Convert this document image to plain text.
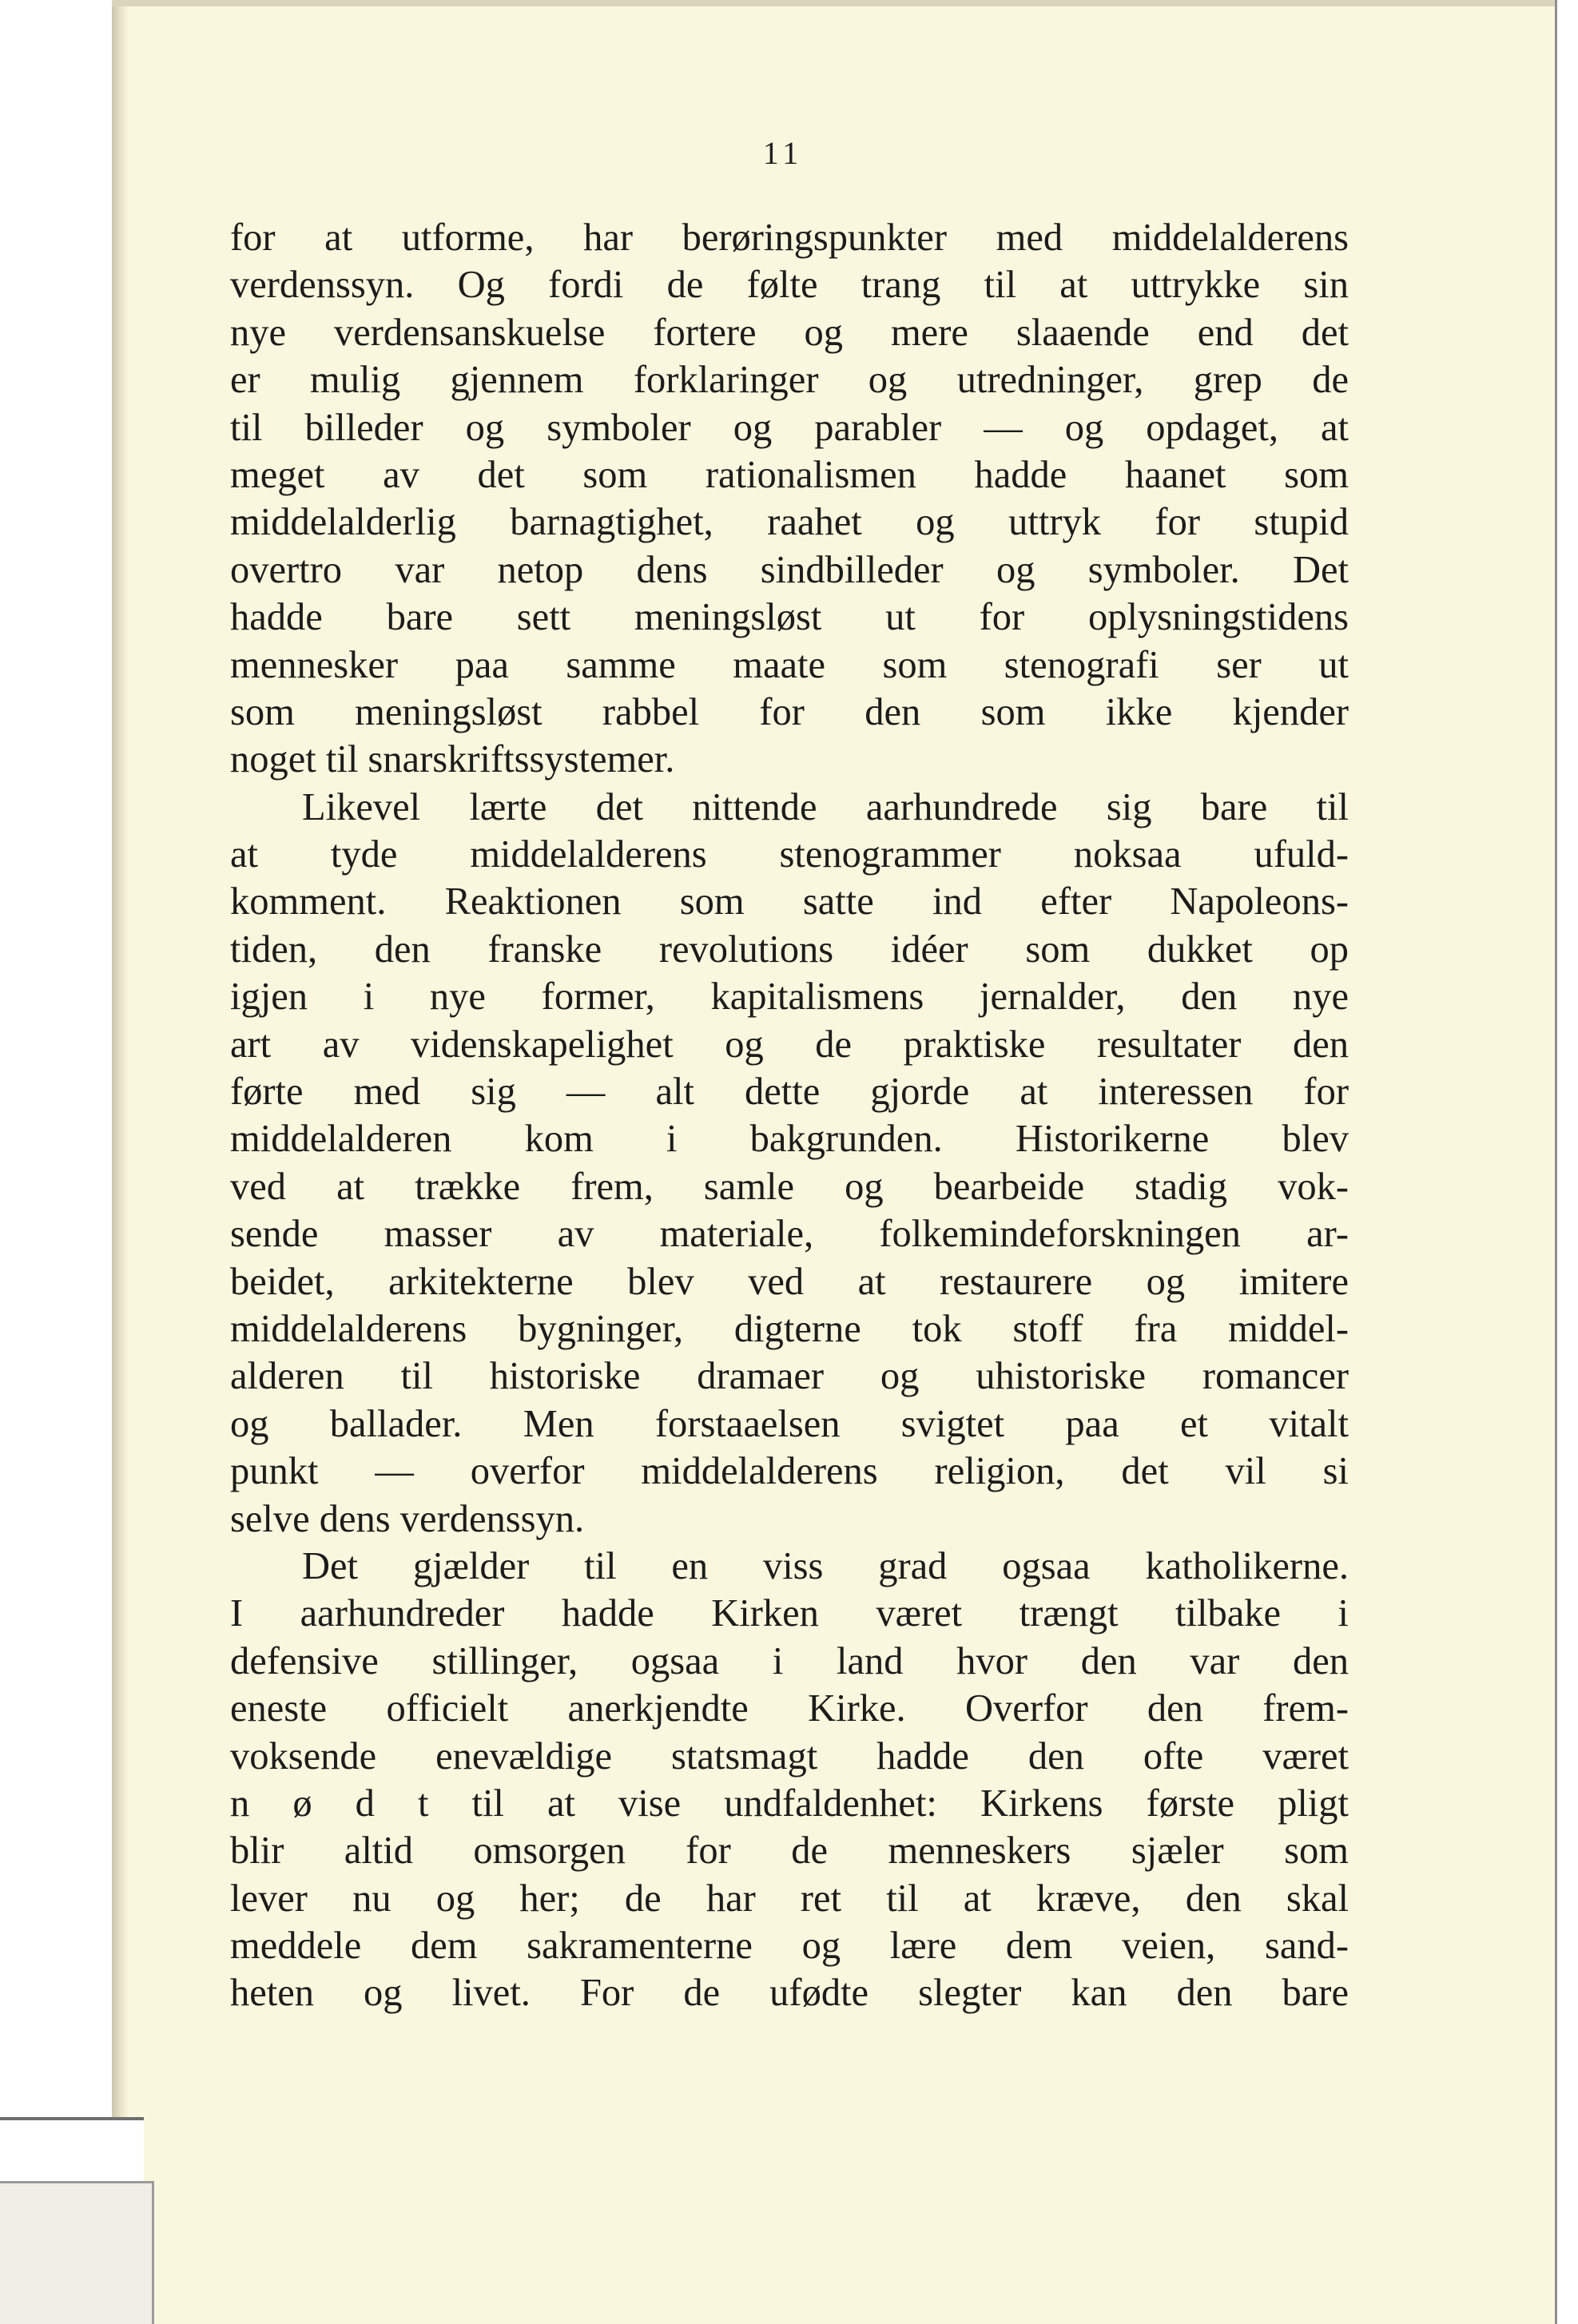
11
for at utforme, har berøringspunkter med middelalderens
verdenssyn. Og fordi de følte trang til at uttrykke sin
nye verdensanskuelse fortere og mere slaaende end det
er mulig gjennem forklaringer og utredninger, grep de
til billeder og symboler og parabler — og opdaget, at
meget av det som rationalismen hadde haanet som
middelalderlig barnagtighet, raahet og uttryk for stupid
overtro var netop dens sindbilleder og symboler. Det
hadde bare sett meningsløst ut for oplysningstidens
mennesker paa samme maate som stenografi ser ut
som meningsløst rabbel for den som ikke kjender
noget til snarskriftssystemer.
Likevel lærte det nittende aarhundrede sig bare til
at tyde middelalderens stenogrammer noksaa ufuld-
komment. Reaktionen som satte ind efter Napoleons-
tiden, den franske revolutions idéer som dukket op
igjen i nye former, kapitalismens jernalder, den nye
art av videnskapelighet og de praktiske resultater den
førte med sig — alt dette gjorde at interessen for
middelalderen kom i bakgrunden. Historikerne blev
ved at trække frem, samle og bearbeide stadig vok-
sende masser av materiale, folkemindeforskningen ar-
beidet, arkitekterne blev ved at restaurere og imitere
middelalderens bygninger, digterne tok stoff fra middel-
alderen til historiske dramaer og uhistoriske romancer
og ballader. Men forstaaelsen svigtet paa et vitalt
punkt — overfor middelalderens religion, det vil si
selve dens verdenssyn.
Det gjælder til en viss grad ogsaa katholikerne.
I aarhundreder hadde Kirken været trængt tilbake i
defensive stillinger, ogsaa i land hvor den var den
eneste officielt anerkjendte Kirke. Overfor den frem-
voksende enevældige statsmagt hadde den ofte været
n ø d t til at vise undfaldenhet: Kirkens første pligt
blir altid omsorgen for de menneskers sjæler som
lever nu og her; de har ret til at kræve, den skal
meddele dem sakramenterne og lære dem veien, sand-
heten og livet. For de ufødte slegter kan den bare
